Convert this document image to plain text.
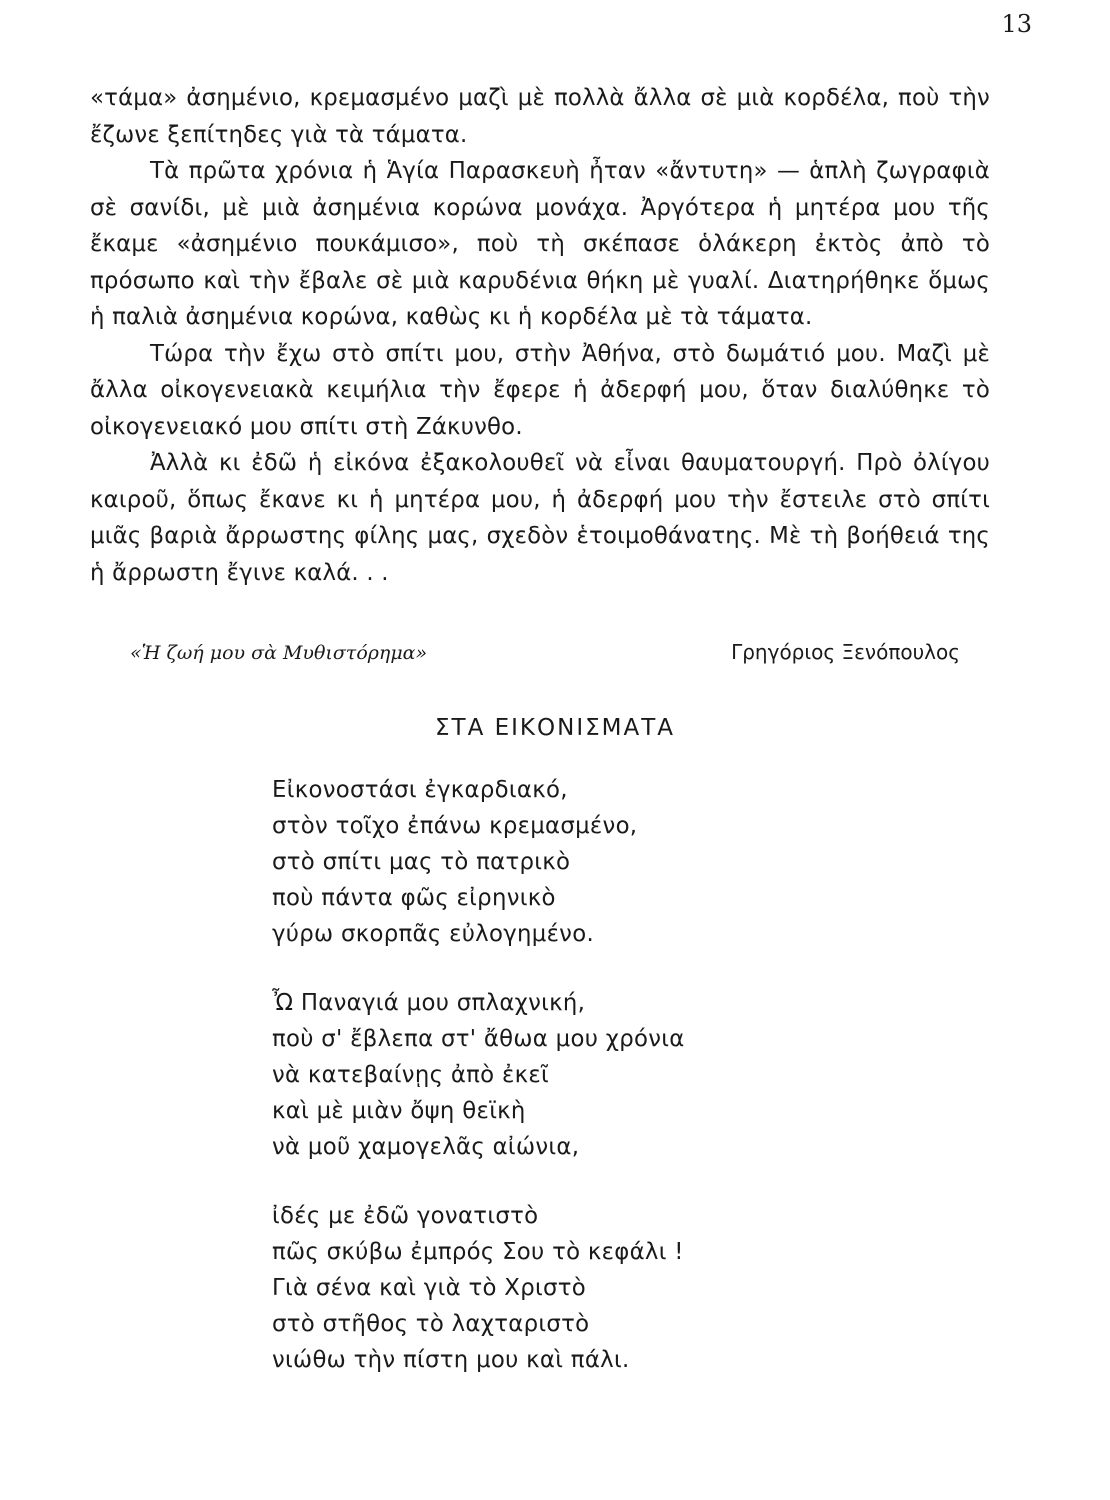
13

«τάμα» ἀσημένιο, κρεμασμένο μαζὶ μὲ πολλὰ ἄλλα σὲ μιὰ κορδέλα, ποὺ τὴν ἔζωνε ξεπίτηδες γιὰ τὰ τάματα.

Τὰ πρῶτα χρόνια ἡ Ἁγία Παρασκευὴ ἦταν «ἄντυτη» — ἁπλὴ ζωγραφιὰ σὲ σανίδι, μὲ μιὰ ἀσημένια κορώνα μονάχα. Ἀργότερα ἡ μητέρα μου τῆς ἔκαμε «ἀσημένιο πουκάμισο», ποὺ τὴ σκέπασε ὁλάκερη ἐκτὸς ἀπὸ τὸ πρόσωπο καὶ τὴν ἔβαλε σὲ μιὰ καρυδένια θήκη μὲ γυαλί. Διατηρήθηκε ὅμως ἡ παλιὰ ἀσημένια κορώνα, καθὼς κι ἡ κορδέλα μὲ τὰ τάματα.

Τώρα τὴν ἔχω στὸ σπίτι μου, στὴν Ἀθήνα, στὸ δωμάτιό μου. Μαζὶ μὲ ἄλλα οἰκογενειακὰ κειμήλια τὴν ἔφερε ἡ ἀδερφή μου, ὅταν διαλύθηκε τὸ οἰκογενειακό μου σπίτι στὴ Ζάκυνθο.

Ἀλλὰ κι ἐδῶ ἡ εἰκόνα ἐξακολουθεῖ νὰ εἶναι θαυματουργή. Πρὸ ὀλίγου καιροῦ, ὅπως ἔκανε κι ἡ μητέρα μου, ἡ ἀδερφή μου τὴν ἔστειλε στὸ σπίτι μιᾶς βαριὰ ἄρρωστης φίλης μας, σχεδὸν ἑτοιμοθάνατης. Μὲ τὴ βοήθειά της ἡ ἄρρωστη ἔγινε καλά. . .

«Ἡ ζωή μου σὰ Μυθιστόρημα»	Γρηγόριος Ξενόπουλος
ΣΤΑ ΕΙΚΟΝΙΣΜΑΤΑ
Εἰκονοστάσι ἐγκαρδιακό,
στὸν τοῖχο ἐπάνω κρεμασμένο,
στὸ σπίτι μας τὸ πατρικὸ
ποὺ πάντα φῶς εἰρηνικὸ
γύρω σκορπᾶς εὐλογημένο.
Ὦ Παναγιά μου σπλαχνική,
ποὺ σ' ἔβλεπα στ' ἄθωα μου χρόνια
νὰ κατεβαίνῃς ἀπὸ ἐκεῖ
καὶ μὲ μιὰν ὄψη θεϊκὴ
νὰ μοῦ χαμογελᾶς αἰώνια,
ἰδές με ἐδῶ γονατιστὸ
πῶς σκύβω ἐμπρός Σου τὸ κεφάλι !
Γιὰ σένα καὶ γιὰ τὸ Χριστὸ
στὸ στῆθος τὸ λαχταριστὸ
νιώθω τὴν πίστη μου καὶ πάλι.
